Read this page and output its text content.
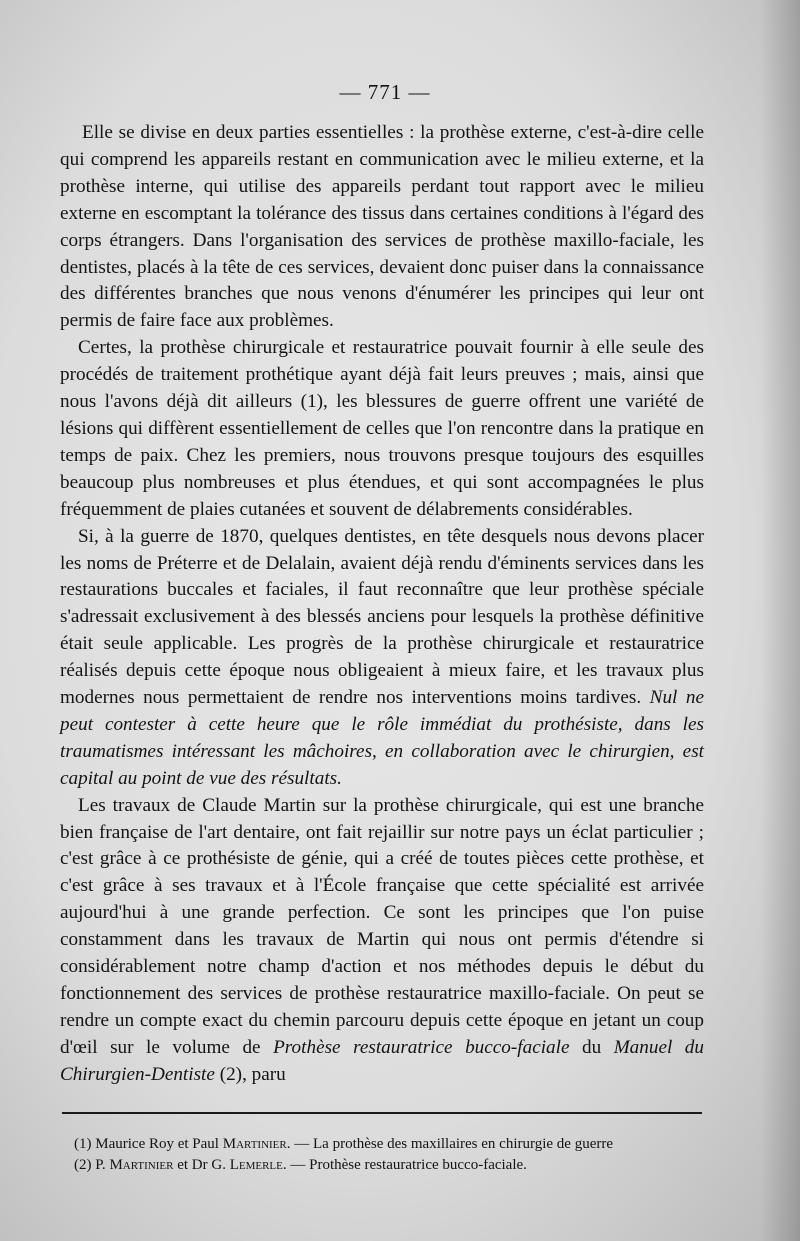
— 771 —

Elle se divise en deux parties essentielles : la prothèse externe, c'est-à-dire celle qui comprend les appareils restant en communication avec le milieu externe, et la prothèse interne, qui utilise des appareils perdant tout rapport avec le milieu externe en escomptant la tolérance des tissus dans certaines conditions à l'égard des corps étrangers. Dans l'organisation des services de prothèse maxillo-faciale, les dentistes, placés à la tête de ces services, devaient donc puiser dans la connaissance des différentes branches que nous venons d'énumérer les principes qui leur ont permis de faire face aux problèmes.

Certes, la prothèse chirurgicale et restauratrice pouvait fournir à elle seule des procédés de traitement prothétique ayant déjà fait leurs preuves ; mais, ainsi que nous l'avons déjà dit ailleurs (1), les blessures de guerre offrent une variété de lésions qui diffèrent essentiellement de celles que l'on rencontre dans la pratique en temps de paix. Chez les premiers, nous trouvons presque toujours des esquilles beaucoup plus nombreuses et plus étendues, et qui sont accompagnées le plus fréquemment de plaies cutanées et souvent de délabrements considérables.

Si, à la guerre de 1870, quelques dentistes, en tête desquels nous devons placer les noms de Préterre et de Delalain, avaient déjà rendu d'éminents services dans les restaurations buccales et faciales, il faut reconnaître que leur prothèse spéciale s'adressait exclusivement à des blessés anciens pour lesquels la prothèse définitive était seule applicable. Les progrès de la prothèse chirurgicale et restauratrice réalisés depuis cette époque nous obligeaient à mieux faire, et les travaux plus modernes nous permettaient de rendre nos interventions moins tardives. Nul ne peut contester à cette heure que le rôle immédiat du prothésiste, dans les traumatismes intéressant les mâchoires, en collaboration avec le chirurgien, est capital au point de vue des résultats.

Les travaux de Claude Martin sur la prothèse chirurgicale, qui est une branche bien française de l'art dentaire, ont fait rejaillir sur notre pays un éclat particulier ; c'est grâce à ce prothésiste de génie, qui a créé de toutes pièces cette prothèse, et c'est grâce à ses travaux et à l'École française que cette spécialité est arrivée aujourd'hui à une grande perfection. Ce sont les principes que l'on puise constamment dans les travaux de Martin qui nous ont permis d'étendre si considérablement notre champ d'action et nos méthodes depuis le début du fonctionnement des services de prothèse restauratrice maxillo-faciale. On peut se rendre un compte exact du chemin parcouru depuis cette époque en jetant un coup d'œil sur le volume de Prothèse restauratrice bucco-faciale du Manuel du Chirurgien-Dentiste (2), paru

(1) Maurice Roy et Paul Martinier. — La prothèse des maxillaires en chirurgie de guerre

(2) P. Martinier et Dr G. Lemerle. — Prothèse restauratrice bucco-faciale.
